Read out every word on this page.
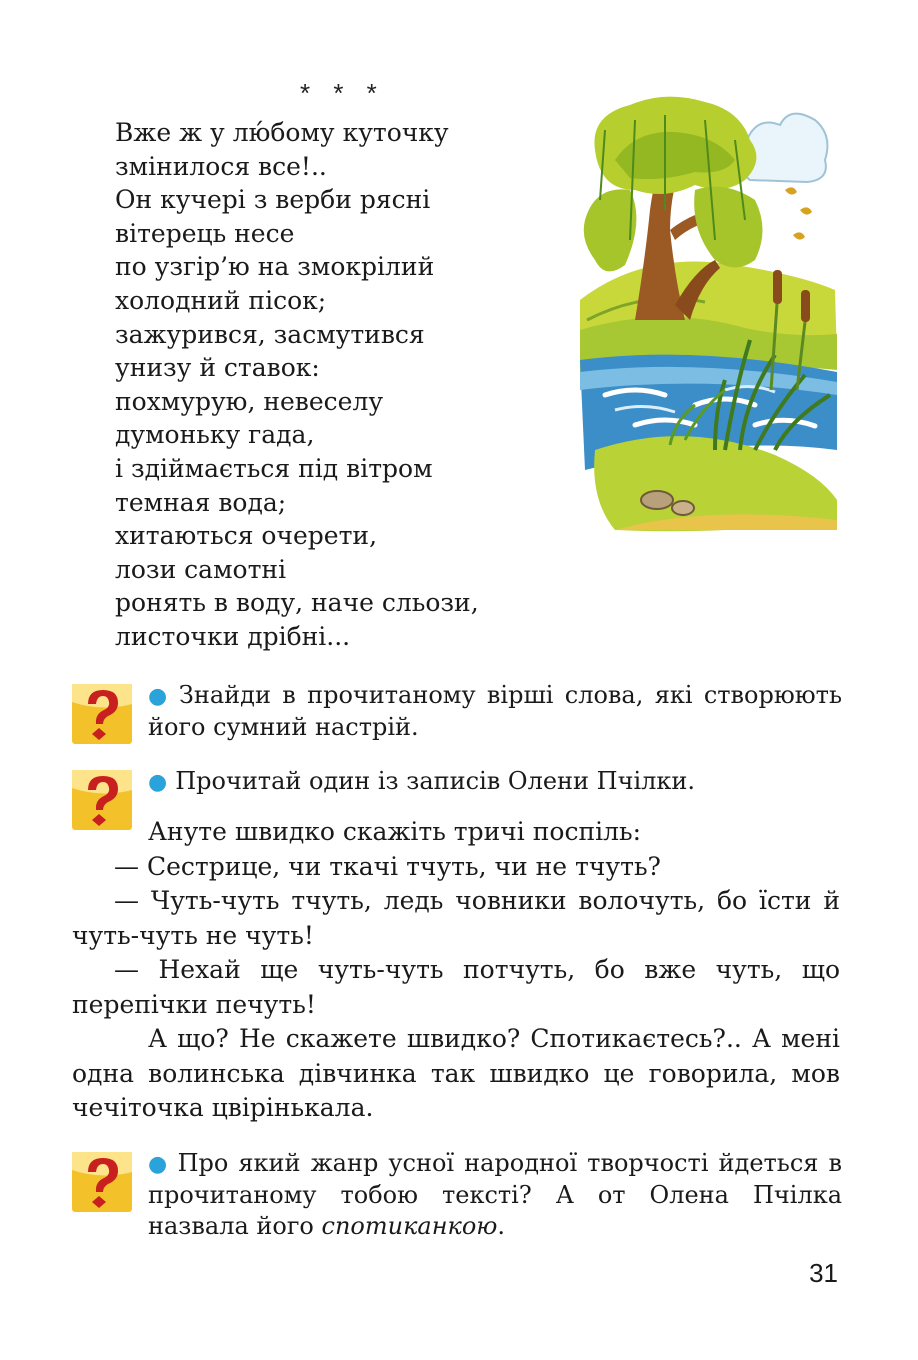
* * *
Вже ж у лю́бому куточку
змінилося все!..
Он кучері з верби рясні
вітерець несе
по узгір’ю на змокрілий
холодний пісок;
зажурився, засмутився
унизу й ставок:
похмурую, невеселу
думоньку гада,
і здіймається під вітром
темная вода;
хитаються очерети,
лози самотні
ронять в воду, наче сльози,
листочки дрібні...
● Знайди в прочитаному вірші слова, які створюють його сумний настрій.
● Прочитай один із записів Олени Пчілки.

Ануте швидко скажіть тричі поспіль:

— Сестрице, чи ткачі тчуть, чи не тчуть?

— Чуть-чуть тчуть, ледь човники волочуть, бо їсти й чуть-чуть не чуть!

— Нехай ще чуть-чуть потчуть, бо вже чуть, що перепічки печуть!

А що? Не скажете швидко? Спотикаєтесь?.. А мені одна волинська дівчинка так швидко це говорила, мов чечіточка цвірінькала.

● Про який жанр усної народної творчості йдеться в прочитаному тобою тексті? А от Олена Пчілка назвала його спотиканкою.
31
